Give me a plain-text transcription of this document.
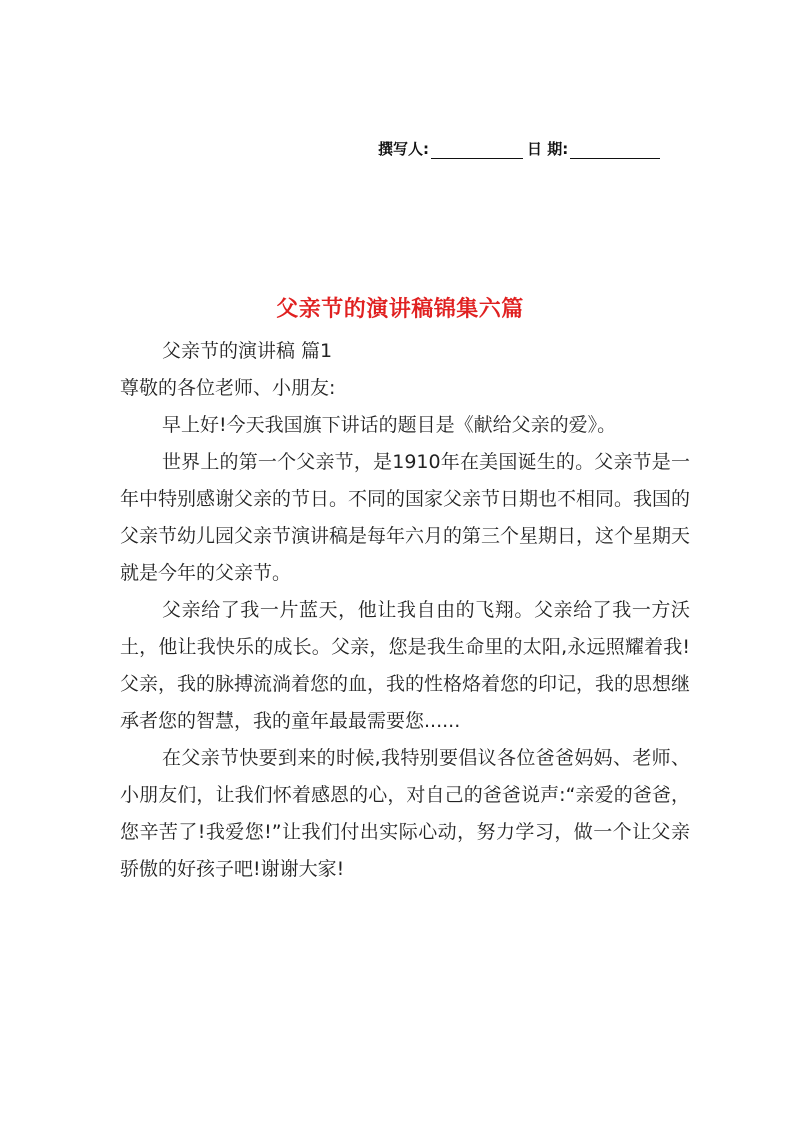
撰写人:	日 期:
父亲节的演讲稿锦集六篇

父亲节的演讲稿 篇1

尊敬的各位老师、小朋友:

早上好!今天我国旗下讲话的题目是《献给父亲的爱》。

世界上的第一个父亲节，是1910年在美国诞生的。父亲节是一年中特别感谢父亲的节日。不同的国家父亲节日期也不相同。我国的父亲节幼儿园父亲节演讲稿是每年六月的第三个星期日，这个星期天就是今年的父亲节。

父亲给了我一片蓝天，他让我自由的飞翔。父亲给了我一方沃土，他让我快乐的成长。父亲，您是我生命里的太阳,永远照耀着我!父亲，我的脉搏流淌着您的血，我的性格烙着您的印记，我的思想继承者您的智慧，我的童年最最需要您......

在父亲节快要到来的时候,我特别要倡议各位爸爸妈妈、老师、小朋友们，让我们怀着感恩的心，对自己的爸爸说声:“亲爱的爸爸，您辛苦了!我爱您!”让我们付出实际心动，努力学习，做一个让父亲骄傲的好孩子吧!谢谢大家!
